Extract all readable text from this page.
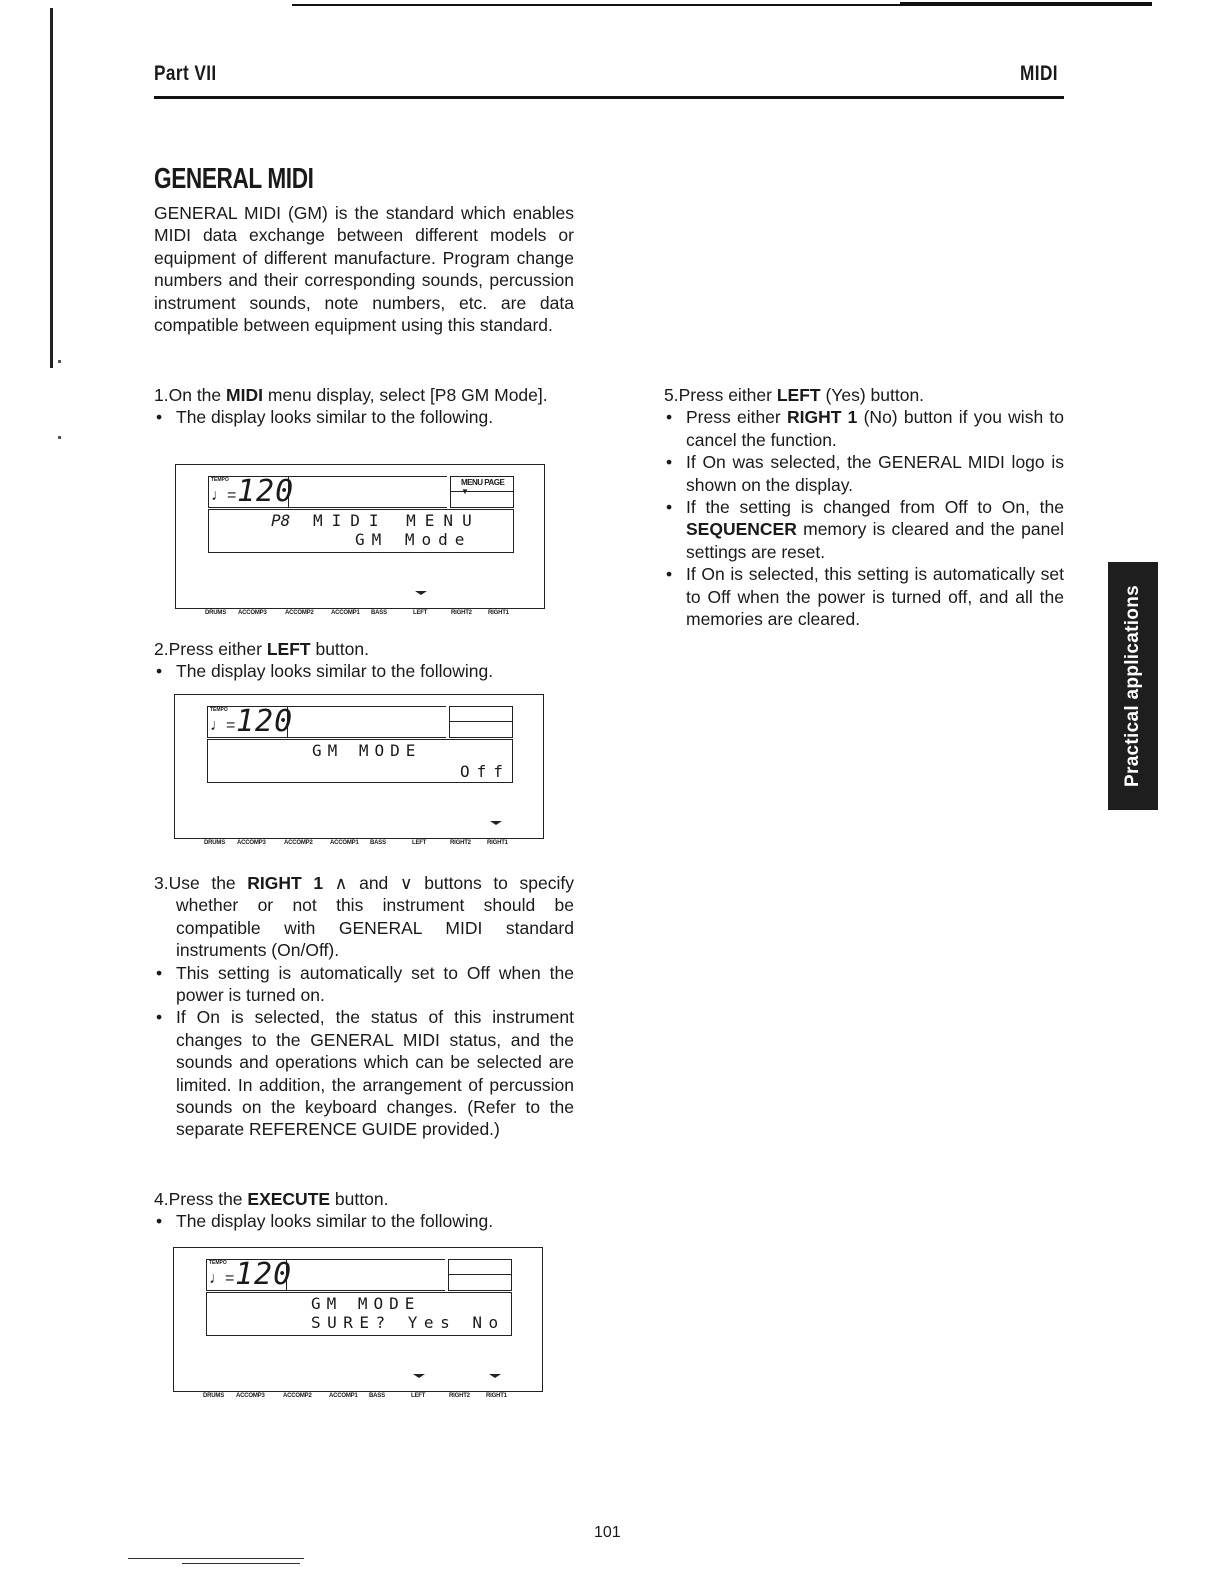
Part VII	MIDI
GENERAL MIDI
GENERAL MIDI (GM) is the standard which enables MIDI data exchange between different models or equipment of different manufacture. Program change numbers and their corresponding sounds, percussion instrument sounds, note numbers, etc. are data compatible between equipment using this standard.
1.On the MIDI menu display, select [P8 GM Mode].
• The display looks similar to the following.
TEMPO
♩= 120	MENU PAGE ▼
P8 MIDI MENU
GM Mode
DRUMS ACCOMP3	ACCOMP2	ACCOMP1 BASS	LEFT	RIGHT2	RIGHT1
2.Press either LEFT button.
• The display looks similar to the following.
TEMPO
♩= 120
GM MODE
Off
DRUMS ACCOMP3	ACCOMP2	ACCOMP1 BASS	LEFT	RIGHT2	RIGHT1
3.Use the RIGHT 1 ∧ and ∨ buttons to specify whether or not this instrument should be compatible with GENERAL MIDI standard instruments (On/Off).
• This setting is automatically set to Off when the power is turned on.
• If On is selected, the status of this instrument changes to the GENERAL MIDI status, and the sounds and operations which can be selected are limited. In addition, the arrangement of percussion sounds on the keyboard changes. (Refer to the separate REFERENCE GUIDE provided.)
4.Press the EXECUTE button.
• The display looks similar to the following.
TEMPO
♩= 120
GM MODE
SURE? Yes No
DRUMS ACCOMP3	ACCOMP2	ACCOMP1 BASS	LEFT	RIGHT2	RIGHT1
5.Press either LEFT (Yes) button.
• Press either RIGHT 1 (No) button if you wish to cancel the function.
• If On was selected, the GENERAL MIDI logo is shown on the display.
• If the setting is changed from Off to On, the SEQUENCER memory is cleared and the panel settings are reset.
• If On is selected, this setting is automatically set to Off when the power is turned off, and all the memories are cleared.	Practical applications
101
